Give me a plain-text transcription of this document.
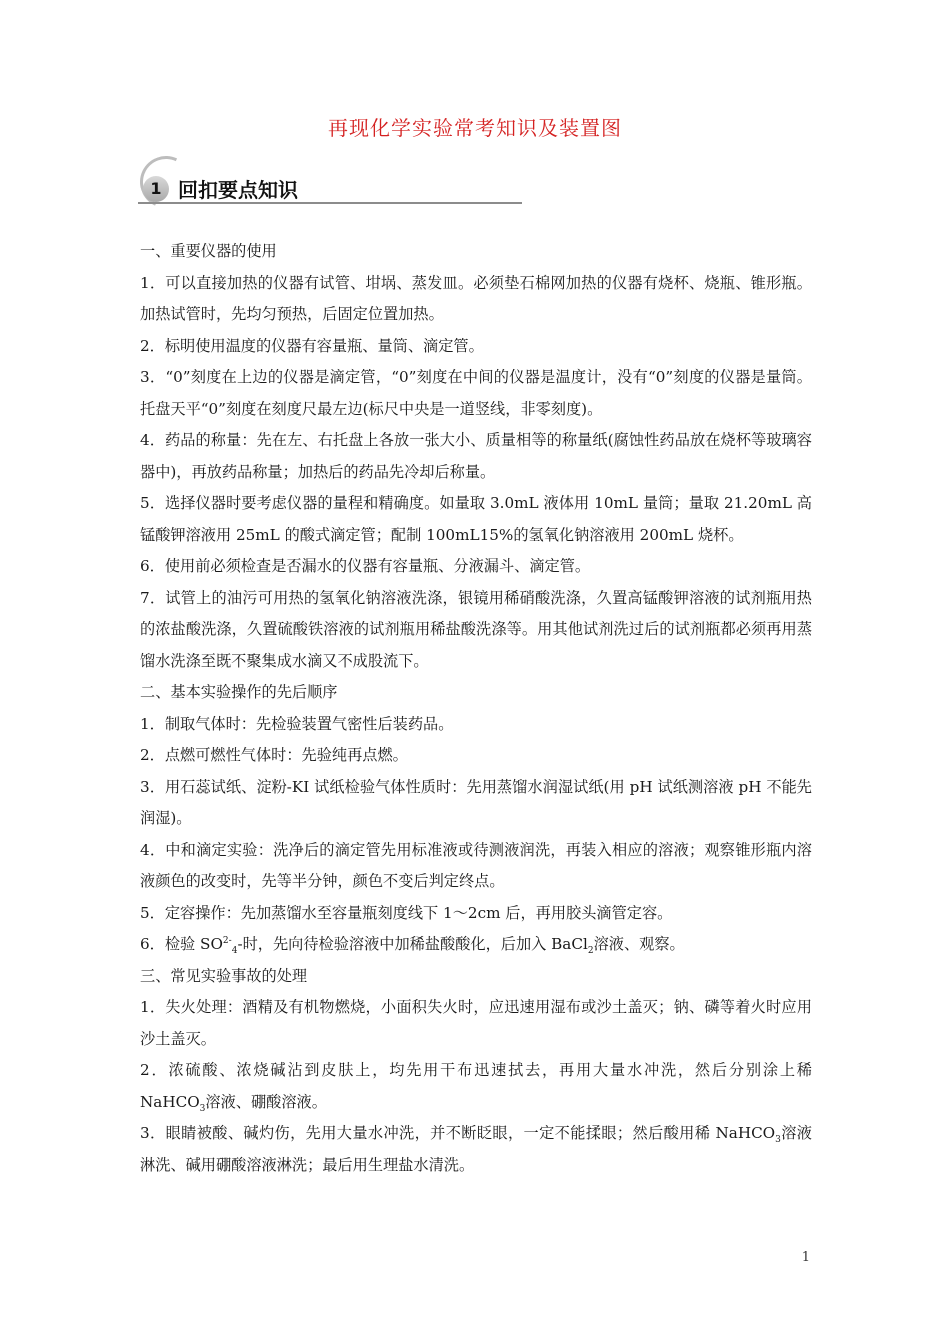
再现化学实验常考知识及装置图
1 回扣要点知识

一、重要仪器的使用

1．可以直接加热的仪器有试管、坩埚、蒸发皿。必须垫石棉网加热的仪器有烧杯、烧瓶、锥形瓶。加热试管时，先均匀预热，后固定位置加热。

2．标明使用温度的仪器有容量瓶、量筒、滴定管。

3．“0”刻度在上边的仪器是滴定管，“0”刻度在中间的仪器是温度计，没有“0”刻度的仪器是量筒。托盘天平“0”刻度在刻度尺最左边(标尺中央是一道竖线，非零刻度)。

4．药品的称量：先在左、右托盘上各放一张大小、质量相等的称量纸(腐蚀性药品放在烧杯等玻璃容器中)，再放药品称量；加热后的药品先冷却后称量。

5．选择仪器时要考虑仪器的量程和精确度。如量取 3.0mL 液体用 10mL 量筒；量取 21.20mL 高锰酸钾溶液用 25mL 的酸式滴定管；配制 100mL15%的氢氧化钠溶液用 200mL 烧杯。

6．使用前必须检查是否漏水的仪器有容量瓶、分液漏斗、滴定管。

7．试管上的油污可用热的氢氧化钠溶液洗涤，银镜用稀硝酸洗涤，久置高锰酸钾溶液的试剂瓶用热的浓盐酸洗涤，久置硫酸铁溶液的试剂瓶用稀盐酸洗涤等。用其他试剂洗过后的试剂瓶都必须再用蒸馏水洗涤至既不聚集成水滴又不成股流下。

二、基本实验操作的先后顺序

1．制取气体时：先检验装置气密性后装药品。

2．点燃可燃性气体时：先验纯再点燃。

3．用石蕊试纸、淀粉-KI 试纸检验气体性质时：先用蒸馏水润湿试纸(用 pH 试纸测溶液 pH 不能先润湿)。

4．中和滴定实验：洗净后的滴定管先用标准液或待测液润洗，再装入相应的溶液；观察锥形瓶内溶液颜色的改变时，先等半分钟，颜色不变后判定终点。

5．定容操作：先加蒸馏水至容量瓶刻度线下 1～2cm 后，再用胶头滴管定容。

6．检验 $SO^{2-}_4-$时，先向待检验溶液中加稀盐酸酸化，后加入 BaCl$_2$溶液、观察。

三、常见实验事故的处理

1．失火处理：酒精及有机物燃烧，小面积失火时，应迅速用湿布或沙土盖灭；钠、磷等着火时应用沙土盖灭。

2．浓硫酸、浓烧碱沾到皮肤上，均先用干布迅速拭去，再用大量水冲洗，然后分别涂上稀 NaHCO$_3$溶液、硼酸溶液。

3．眼睛被酸、碱灼伤，先用大量水冲洗，并不断眨眼，一定不能揉眼；然后酸用稀 NaHCO$_3$溶液淋洗、碱用硼酸溶液淋洗；最后用生理盐水清洗。

1
